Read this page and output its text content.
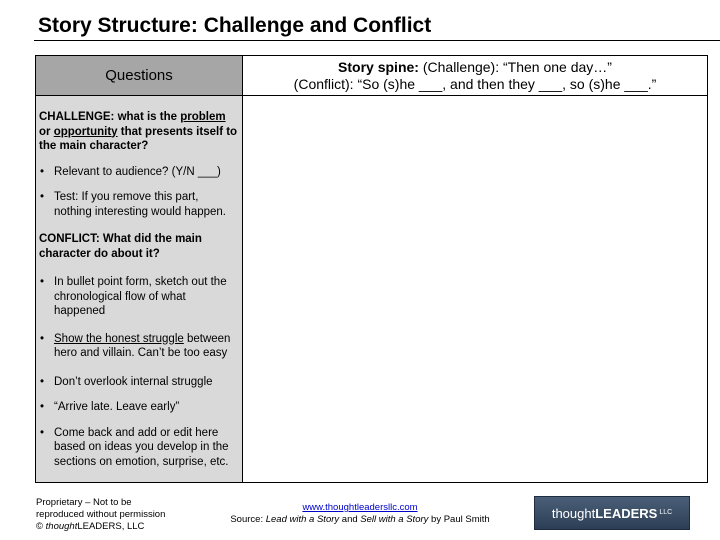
Story Structure: Challenge and Conflict
Questions	Story spine: (Challenge): “Then one day…”
(Conflict): “So (s)he ___, and then they ___, so (s)he ___.”

CHALLENGE: what is the problem or opportunity that presents itself to the main character?

• Relevant to audience? (Y/N ___)
• Test: If you remove this part, nothing interesting would happen.

CONFLICT: What did the main character do about it?

• In bullet point form, sketch out the chronological flow of what happened
• Show the honest struggle between hero and villain. Can’t be too easy
• Don’t overlook internal struggle
• “Arrive late. Leave early”
• Come back and add or edit here based on ideas you develop in the sections on emotion, surprise, etc.
Proprietary – Not to be
reproduced without permission
© thoughtLEADERS, LLC
www.thoughtleadersllc.com
Source: Lead with a Story and Sell with a Story by Paul Smith	thought LEADERS LLC
